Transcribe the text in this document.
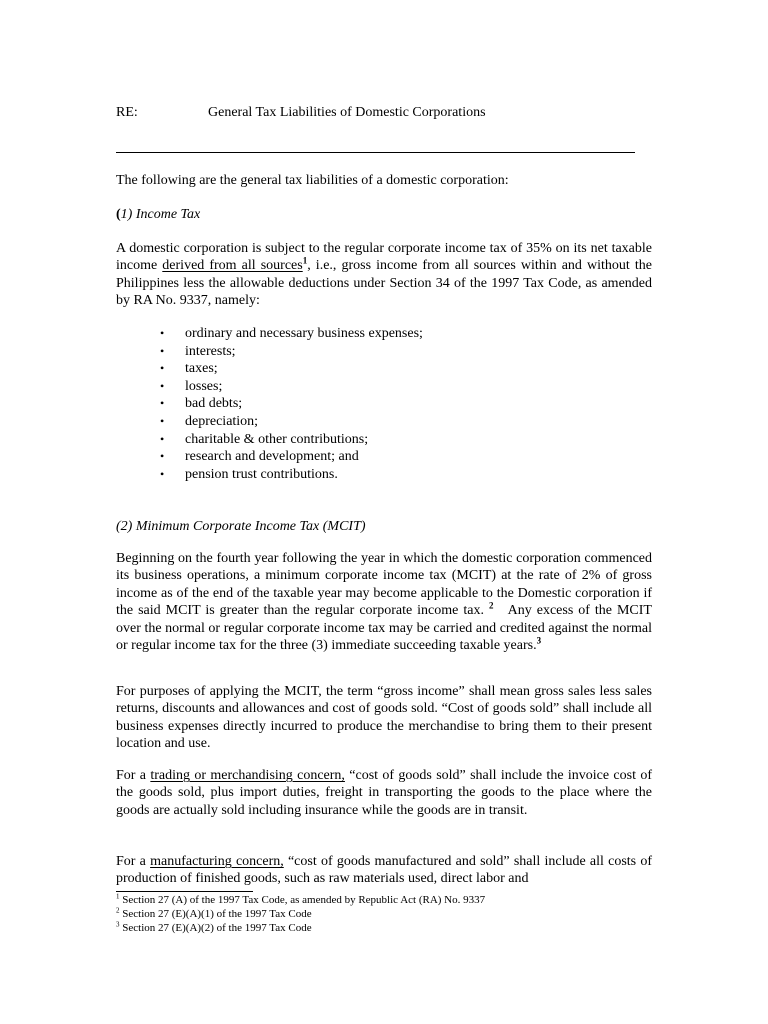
RE:	General Tax Liabilities of Domestic Corporations

The following are the general tax liabilities of a domestic corporation:

(1) Income Tax

A domestic corporation is subject to the regular corporate income tax of 35% on its net taxable income derived from all sources$^1$, i.e., gross income from all sources within and without the Philippines less the allowable deductions under Section 34 of the 1997 Tax Code, as amended by RA No. 9337, namely:

• ordinary and necessary business expenses;
• interests;
• taxes;
• losses;
• bad debts;
• depreciation;
• charitable & other contributions;
• research and development; and
• pension trust contributions.

(2) Minimum Corporate Income Tax (MCIT)

Beginning on the fourth year following the year in which the domestic corporation commenced its business operations, a minimum corporate income tax (MCIT) at the rate of 2% of gross income as of the end of the taxable year may become applicable to the Domestic corporation if the said MCIT is greater than the regular corporate income tax. $^2$   Any excess of the MCIT over the normal or regular corporate income tax may be carried and credited against the normal or regular income tax for the three (3) immediate succeeding taxable years.$^3$

For purposes of applying the MCIT, the term “gross income” shall mean gross sales less sales returns, discounts and allowances and cost of goods sold. “Cost of goods sold” shall include all business expenses directly incurred to produce the merchandise to bring them to their present location and use.

For a trading or merchandising concern, “cost of goods sold” shall include the invoice cost of the goods sold, plus import duties, freight in transporting the goods to the place where the goods are actually sold including insurance while the goods are in transit.

For a manufacturing concern, “cost of goods manufactured and sold” shall include all costs of production of finished goods, such as raw materials used, direct labor and

$^1$ Section 27 (A) of the 1997 Tax Code, as amended by Republic Act (RA) No. 9337
$^2$ Section 27 (E)(A)(1) of the 1997 Tax Code
$^3$ Section 27 (E)(A)(2) of the 1997 Tax Code
